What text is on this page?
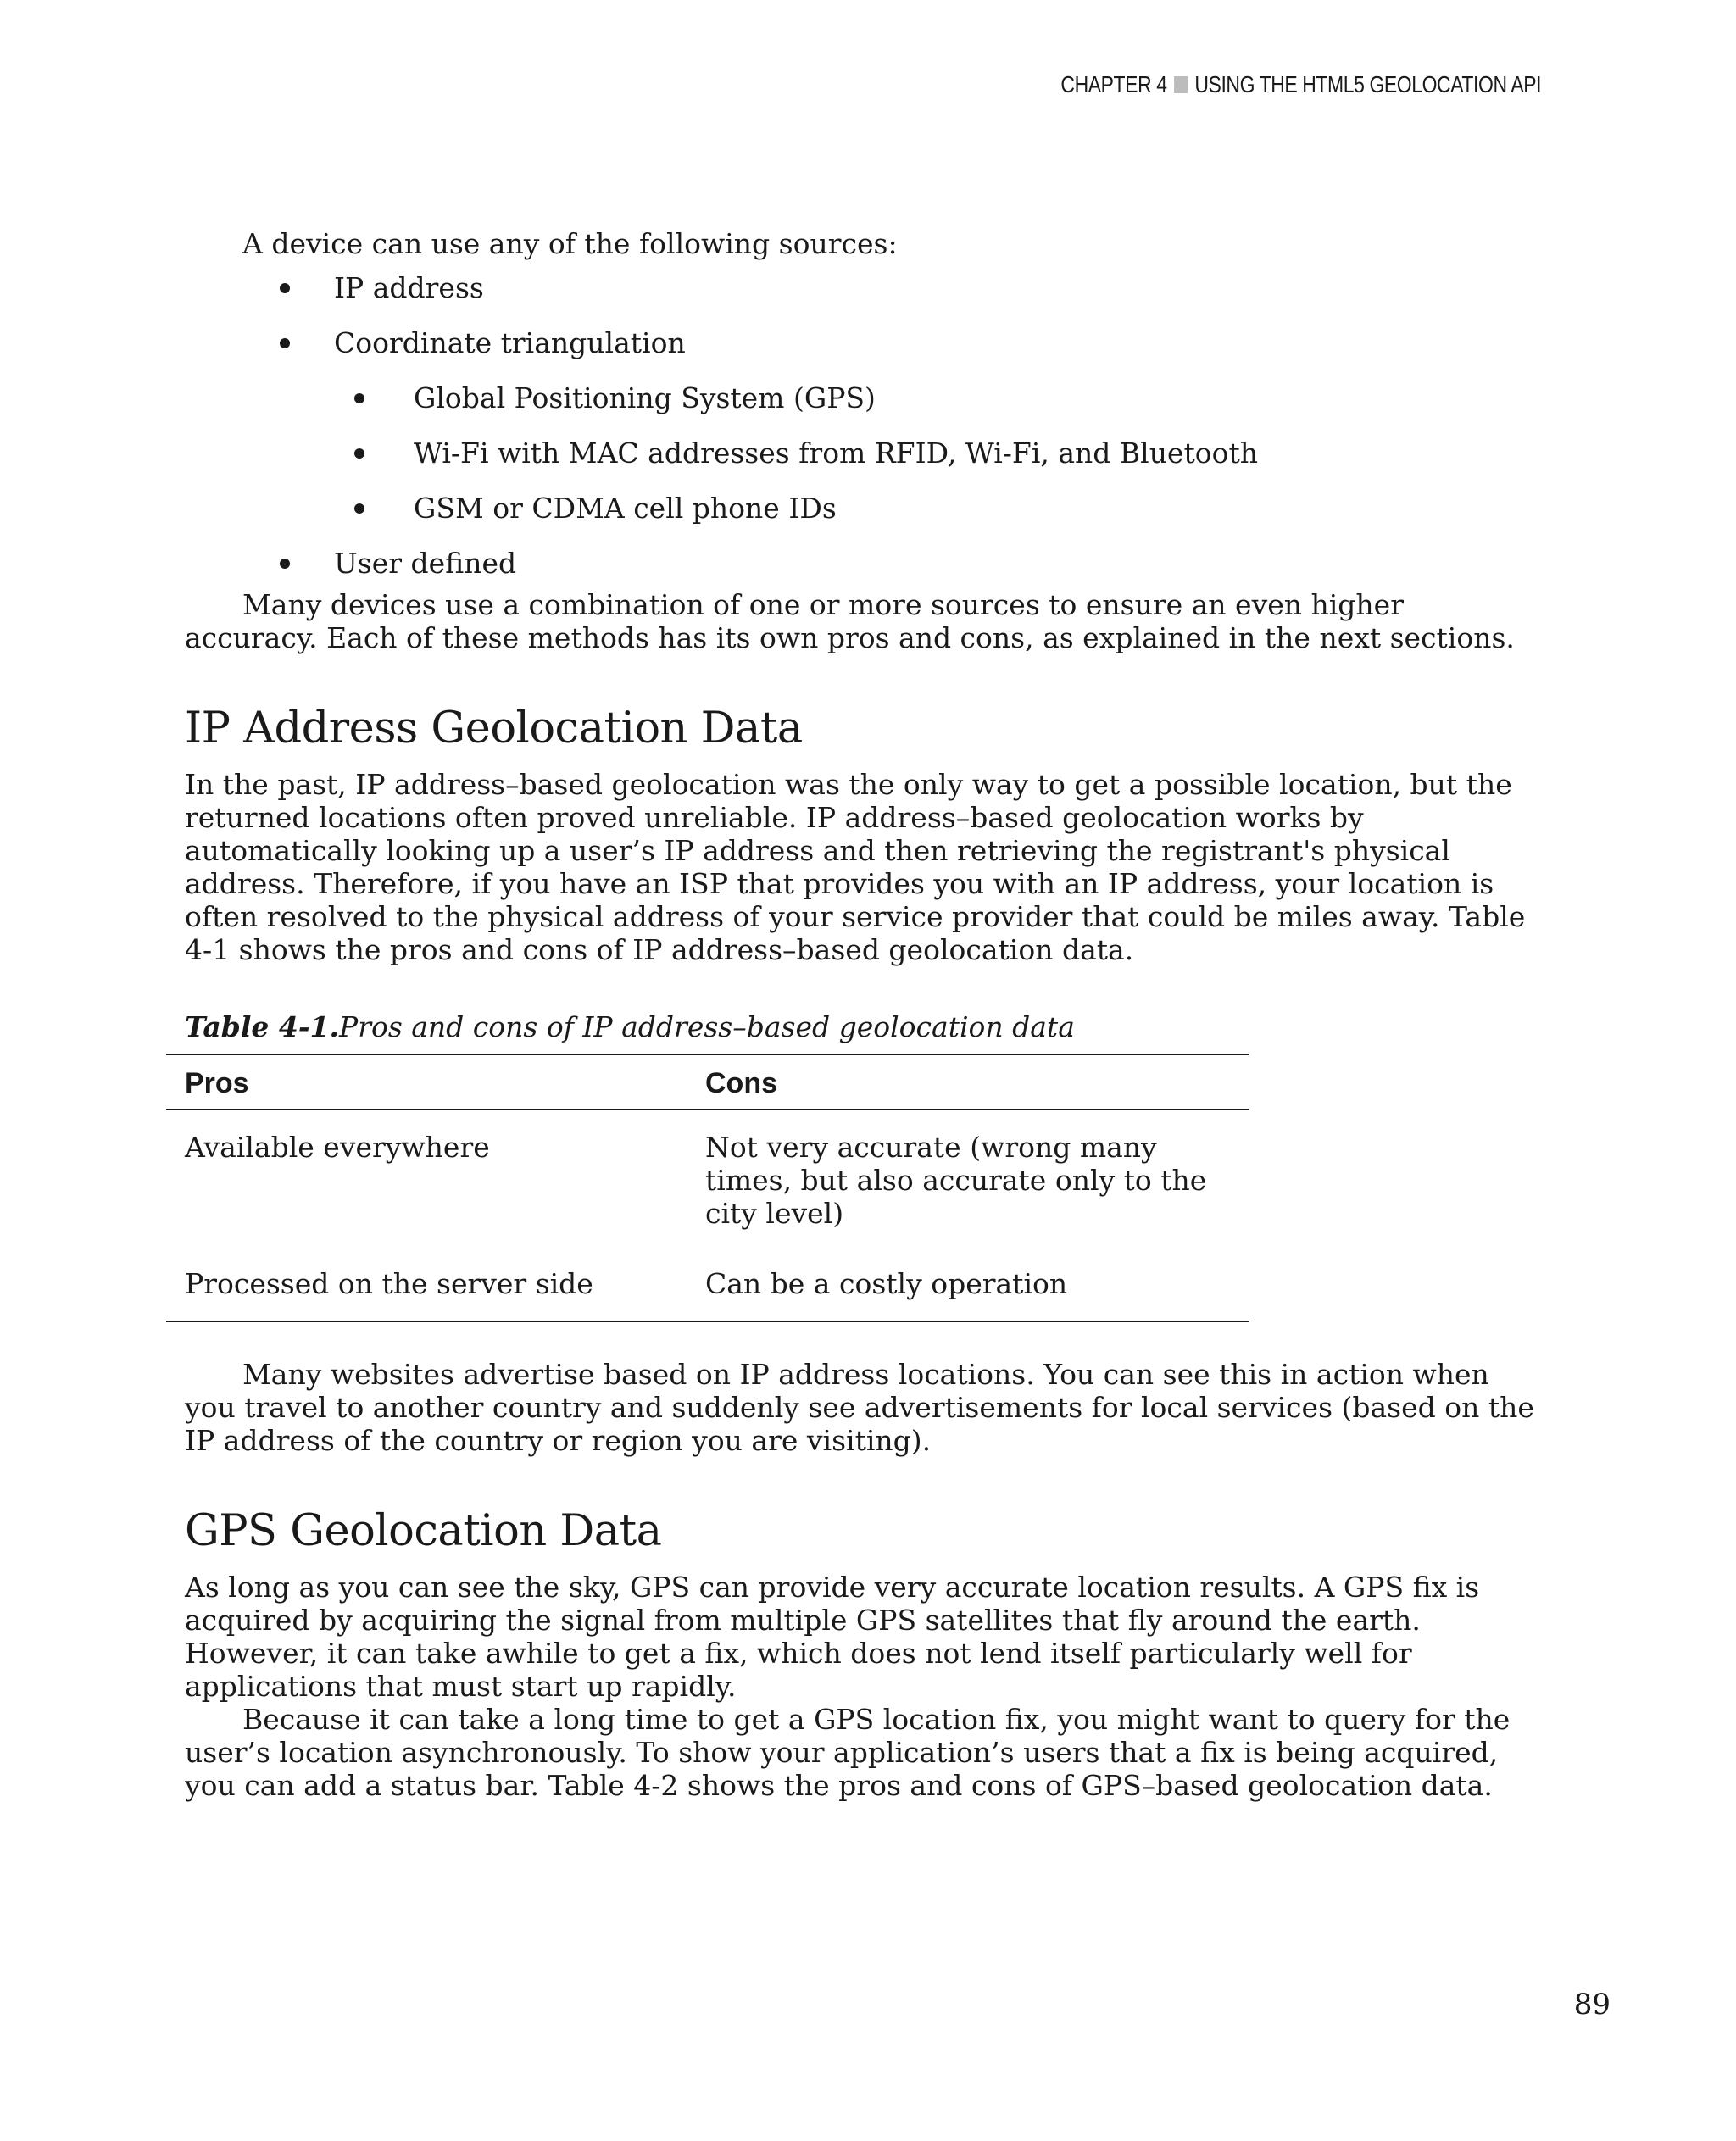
CHAPTER 4 USING THE HTML5 GEOLOCATION API

A device can use any of the following sources:

IP address
Coordinate triangulation
Global Positioning System (GPS)
Wi-Fi with MAC addresses from RFID, Wi-Fi, and Bluetooth
GSM or CDMA cell phone IDs
User defined

Many devices use a combination of one or more sources to ensure an even higher accuracy. Each of these methods has its own pros and cons, as explained in the next sections.

IP Address Geolocation Data

In the past, IP address–based geolocation was the only way to get a possible location, but the returned locations often proved unreliable. IP address–based geolocation works by automatically looking up a user’s IP address and then retrieving the registrant's physical address. Therefore, if you have an ISP that provides you with an IP address, your location is often resolved to the physical address of your service provider that could be miles away. Table 4-1 shows the pros and cons of IP address–based geolocation data.

Table 4-1.Pros and cons of IP address–based geolocation data

Pros	Cons
Available everywhere	Not very accurate (wrong many times, but also accurate only to the city level)
Processed on the server side	Can be a costly operation

Many websites advertise based on IP address locations. You can see this in action when you travel to another country and suddenly see advertisements for local services (based on the IP address of the country or region you are visiting).

GPS Geolocation Data

As long as you can see the sky, GPS can provide very accurate location results. A GPS fix is acquired by acquiring the signal from multiple GPS satellites that fly around the earth. However, it can take awhile to get a fix, which does not lend itself particularly well for applications that must start up rapidly.

Because it can take a long time to get a GPS location fix, you might want to query for the user’s location asynchronously. To show your application’s users that a fix is being acquired, you can add a status bar. Table 4-2 shows the pros and cons of GPS–based geolocation data.

89
